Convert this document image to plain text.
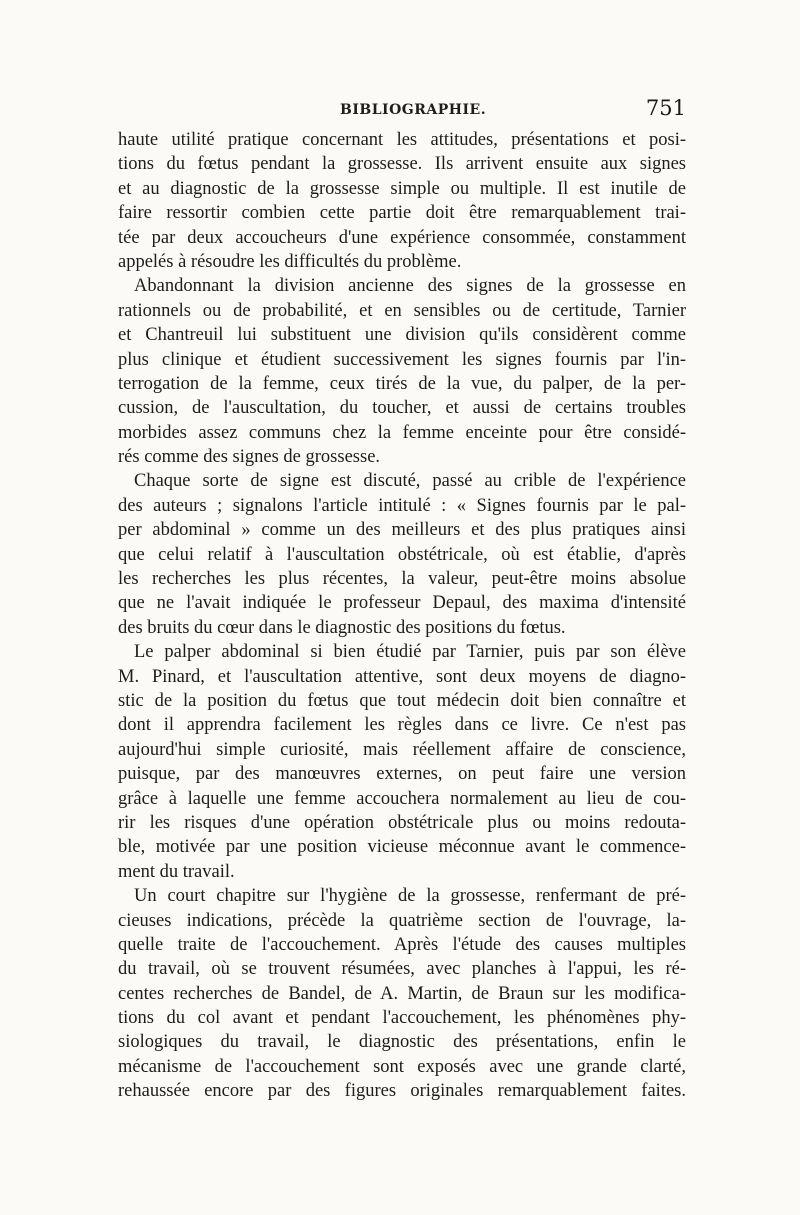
BIBLIOGRAPHIE.	751

haute utilité pratique concernant les attitudes, présentations et posi-
tions du fœtus pendant la grossesse. Ils arrivent ensuite aux signes
et au diagnostic de la grossesse simple ou multiple. Il est inutile de
faire ressortir combien cette partie doit être remarquablement trai-
tée par deux accoucheurs d'une expérience consommée, constamment
appelés à résoudre les difficultés du problème.

Abandonnant la division ancienne des signes de la grossesse en
rationnels ou de probabilité, et en sensibles ou de certitude, Tarnier
et Chantreuil lui substituent une division qu'ils considèrent comme
plus clinique et étudient successivement les signes fournis par l'in-
terrogation de la femme, ceux tirés de la vue, du palper, de la per-
cussion, de l'auscultation, du toucher, et aussi de certains troubles
morbides assez communs chez la femme enceinte pour être considé-
rés comme des signes de grossesse.

Chaque sorte de signe est discuté, passé au crible de l'expérience
des auteurs ; signalons l'article intitulé : « Signes fournis par le pal-
per abdominal » comme un des meilleurs et des plus pratiques ainsi
que celui relatif à l'auscultation obstétricale, où est établie, d'après
les recherches les plus récentes, la valeur, peut-être moins absolue
que ne l'avait indiquée le professeur Depaul, des maxima d'intensité
des bruits du cœur dans le diagnostic des positions du fœtus.

Le palper abdominal si bien étudié par Tarnier, puis par son élève
M. Pinard, et l'auscultation attentive, sont deux moyens de diagno-
stic de la position du fœtus que tout médecin doit bien connaître et
dont il apprendra facilement les règles dans ce livre. Ce n'est pas
aujourd'hui simple curiosité, mais réellement affaire de conscience,
puisque, par des manœuvres externes, on peut faire une version
grâce à laquelle une femme accouchera normalement au lieu de cou-
rir les risques d'une opération obstétricale plus ou moins redouta-
ble, motivée par une position vicieuse méconnue avant le commence-
ment du travail.

Un court chapitre sur l'hygiène de la grossesse, renfermant de pré-
cieuses indications, précède la quatrième section de l'ouvrage, la-
quelle traite de l'accouchement. Après l'étude des causes multiples
du travail, où se trouvent résumées, avec planches à l'appui, les ré-
centes recherches de Bandel, de A. Martin, de Braun sur les modifica-
tions du col avant et pendant l'accouchement, les phénomènes phy-
siologiques du travail, le diagnostic des présentations, enfin le
mécanisme de l'accouchement sont exposés avec une grande clarté,
rehaussée encore par des figures originales remarquablement faites.
